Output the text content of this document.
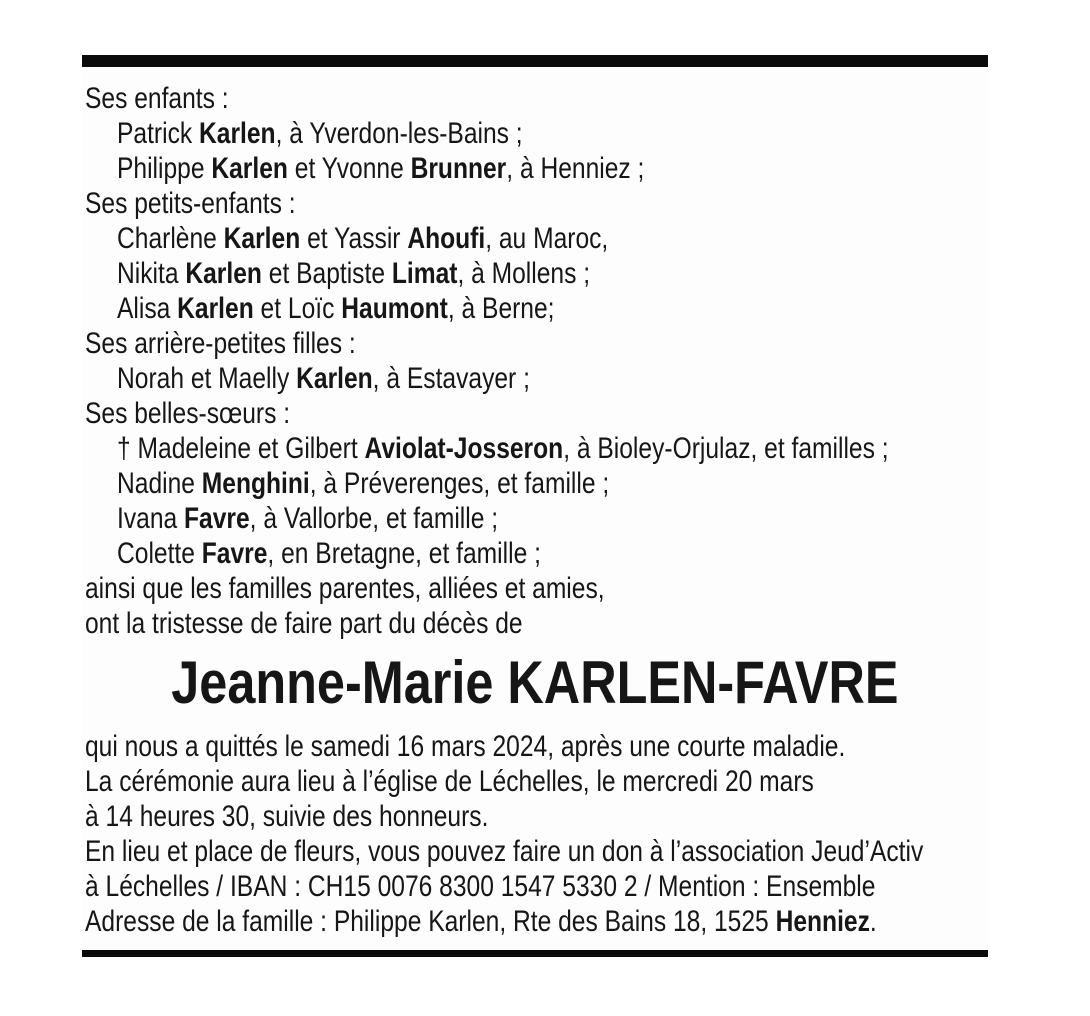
Ses enfants :
Patrick Karlen, à Yverdon-les-Bains ;
Philippe Karlen et Yvonne Brunner, à Henniez ;
Ses petits-enfants :
Charlène Karlen et Yassir Ahoufi, au Maroc,
Nikita Karlen et Baptiste Limat, à Mollens ;
Alisa Karlen et Loïc Haumont, à Berne;
Ses arrière-petites filles :
Norah et Maelly Karlen, à Estavayer ;
Ses belles-sœurs :
† Madeleine et Gilbert Aviolat-Josseron, à Bioley-Orjulaz, et familles ;
Nadine Menghini, à Préverenges, et famille ;
Ivana Favre, à Vallorbe, et famille ;
Colette Favre, en Bretagne, et famille ;
ainsi que les familles parentes, alliées et amies,
ont la tristesse de faire part du décès de
Jeanne-Marie KARLEN-FAVRE
qui nous a quittés le samedi 16 mars 2024, après une courte maladie.
La cérémonie aura lieu à l’église de Léchelles, le mercredi 20 mars
à 14 heures 30, suivie des honneurs.
En lieu et place de fleurs, vous pouvez faire un don à l’association Jeud’Activ
à Léchelles / IBAN : CH15 0076 8300 1547 5330 2 / Mention : Ensemble
Adresse de la famille : Philippe Karlen, Rte des Bains 18, 1525 Henniez.
